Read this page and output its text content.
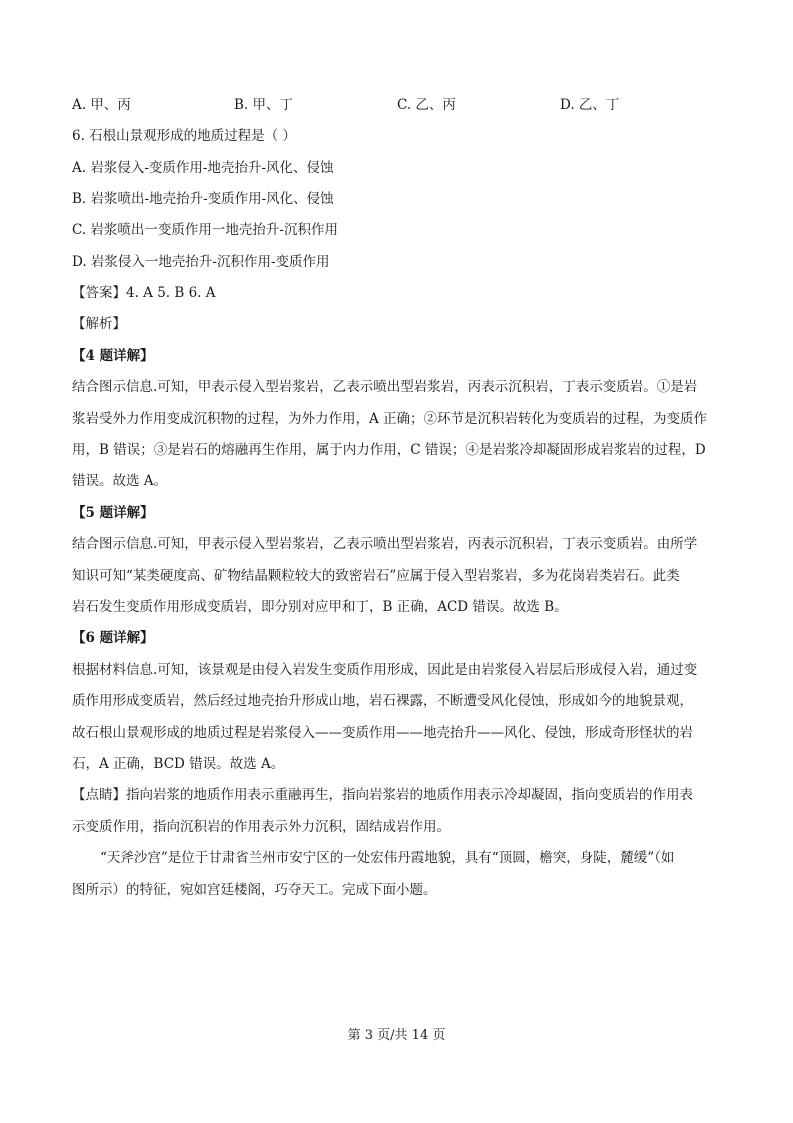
A. 甲、丙	B. 甲、丁	C. 乙、丙	D. 乙、丁
6. 石根山景观形成的地质过程是（ ）
A. 岩浆侵入-变质作用-地壳抬升-风化、侵蚀
B. 岩浆喷出-地壳抬升-变质作用-风化、侵蚀
C. 岩浆喷出一变质作用一地壳抬升-沉积作用
D. 岩浆侵入一地壳抬升-沉积作用-变质作用
【答案】4. A 5. B 6. A
【解析】
【4 题详解】
结合图示信息.可知，甲表示侵入型岩浆岩，乙表示喷出型岩浆岩，丙表示沉积岩，丁表示变质岩。①是岩
浆岩受外力作用变成沉积物的过程，为外力作用，A 正确；②环节是沉积岩转化为变质岩的过程，为变质作
用，B 错误；③是岩石的熔融再生作用，属于内力作用，C 错误；④是岩浆冷却凝固形成岩浆岩的过程，D
错误。故选 A。
【5 题详解】
结合图示信息.可知，甲表示侵入型岩浆岩，乙表示喷出型岩浆岩，丙表示沉积岩，丁表示变质岩。由所学
知识可知“某类硬度高、矿物结晶颗粒较大的致密岩石”应属于侵入型岩浆岩，多为花岗岩类岩石。此类
岩石发生变质作用形成变质岩，即分别对应甲和丁，B 正确，ACD 错误。故选 B。
【6 题详解】
根据材料信息.可知，该景观是由侵入岩发生变质作用形成，因此是由岩浆侵入岩层后形成侵入岩，通过变
质作用形成变质岩，然后经过地壳抬升形成山地，岩石裸露，不断遭受风化侵蚀，形成如今的地貌景观，
故石根山景观形成的地质过程是岩浆侵入——变质作用——地壳抬升——风化、侵蚀，形成奇形怪状的岩
石，A 正确，BCD 错误。故选 A。
【点睛】指向岩浆的地质作用表示重融再生，指向岩浆岩的地质作用表示冷却凝固，指向变质岩的作用表
示变质作用，指向沉积岩的作用表示外力沉积，固结成岩作用。
“天斧沙宫”是位于甘肃省兰州市安宁区的一处宏伟丹霞地貌，具有“顶圆，檐突，身陡，麓缓”（如
图所示）的特征，宛如宫廷楼阁，巧夺天工。完成下面小题。
第 3 页/共 14 页
